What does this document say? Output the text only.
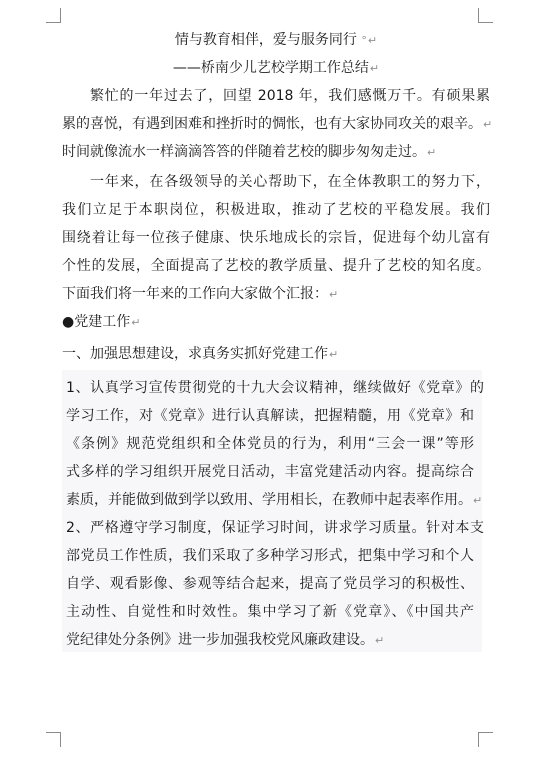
情与教育相伴，爱与服务同行 °↵
——桥南少儿艺校学期工作总结↵
繁忙的一年过去了，回望 2018 年，我们感慨万千。有硕果累
累的喜悦，有遇到困难和挫折时的惆怅，也有大家协同攻关的艰辛。↵
时间就像流水一样滴滴答答的伴随着艺校的脚步匆匆走过。↵
一年来，在各级领导的关心帮助下，在全体教职工的努力下，
我们立足于本职岗位，积极进取，推动了艺校的平稳发展。我们
围绕着让每一位孩子健康、快乐地成长的宗旨，促进每个幼儿富有
个性的发展，全面提高了艺校的教学质量、提升了艺校的知名度。
下面我们将一年来的工作向大家做个汇报：↵
●党建工作↵
一、加强思想建设，求真务实抓好党建工作↵
1、认真学习宣传贯彻党的十九大会议精神，继续做好《党章》的
学习工作，对《党章》进行认真解读，把握精髓，用《党章》和
《条例》规范党组织和全体党员的行为，利用“三会一课”等形
式多样的学习组织开展党日活动，丰富党建活动内容。提高综合
素质，并能做到做到学以致用、学用相长，在教师中起表率作用。↵
2、严格遵守学习制度，保证学习时间，讲求学习质量。针对本支
部党员工作性质，我们采取了多种学习形式，把集中学习和个人
自学、观看影像、参观等结合起来，提高了党员学习的积极性、
主动性、自觉性和时效性。集中学习了新《党章》、《中国共产
党纪律处分条例》进一步加强我校党风廉政建设。↵
